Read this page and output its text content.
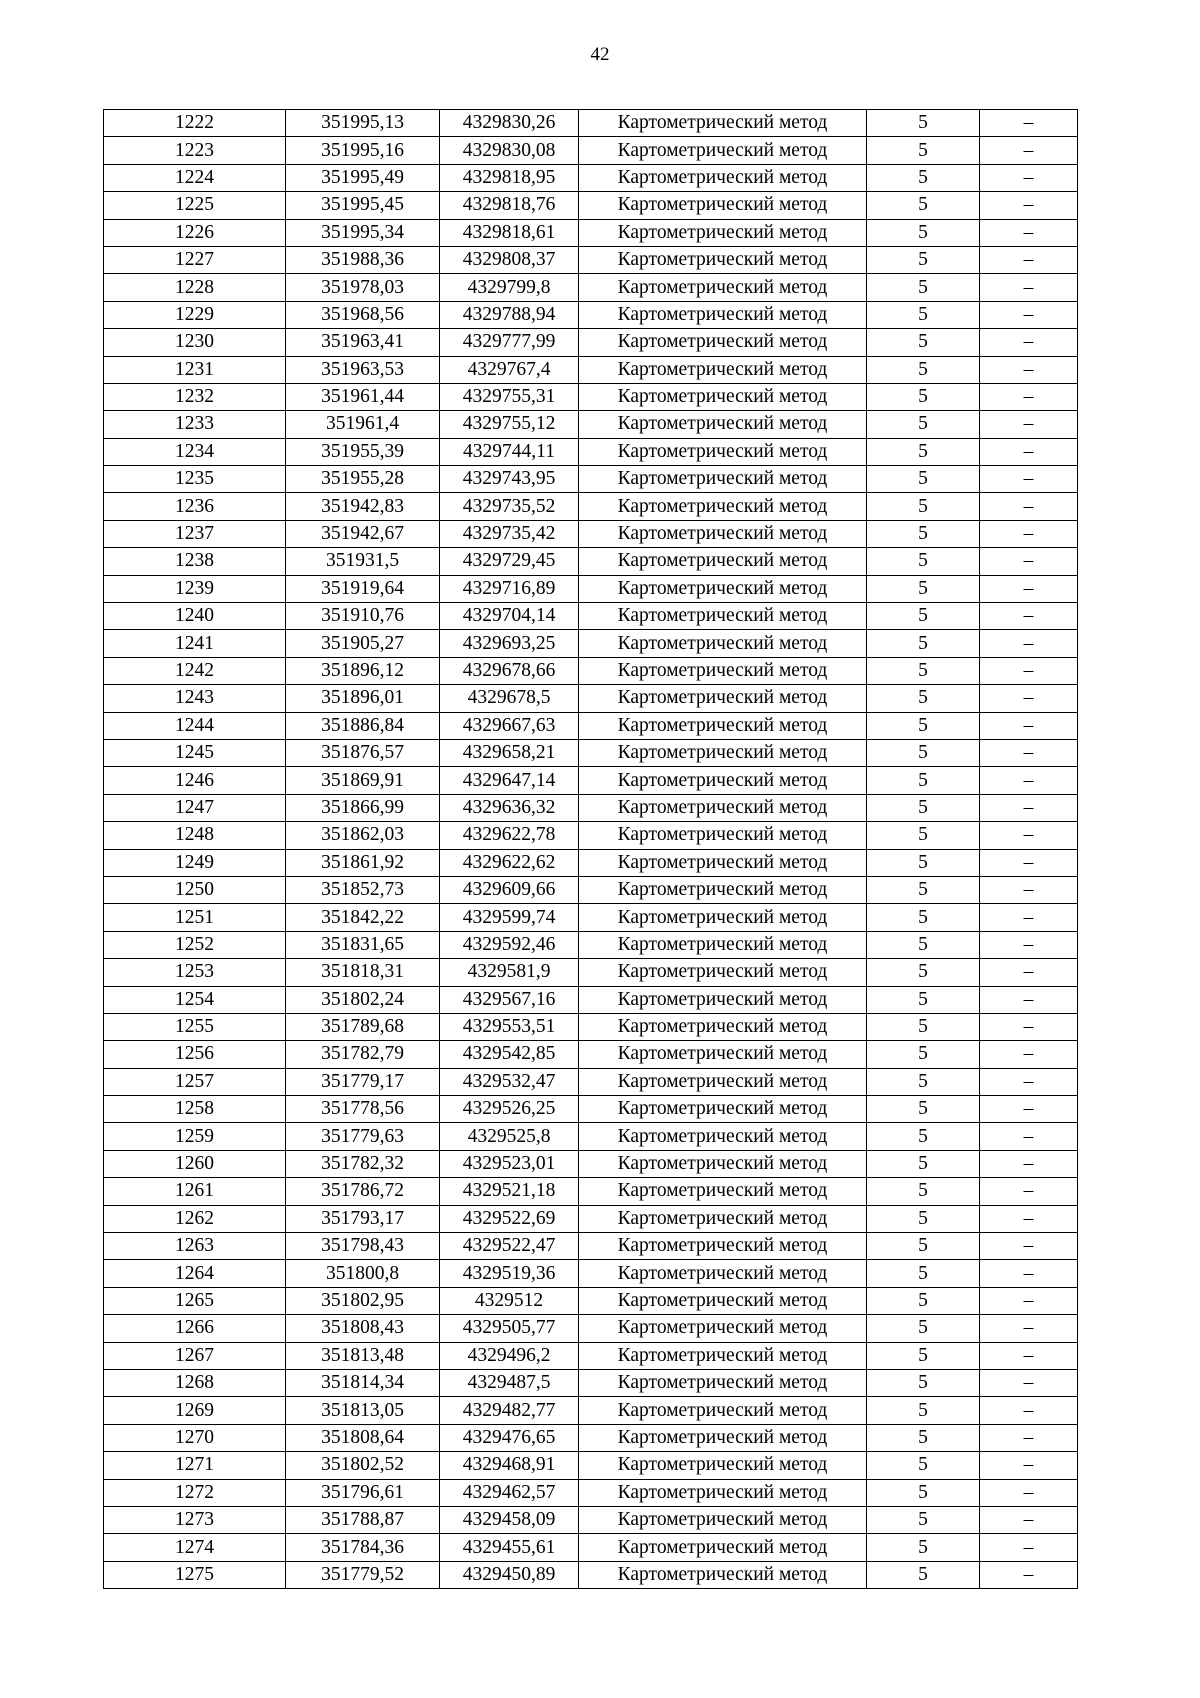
42
1222	351995,13	4329830,26	Картометрический метод	5	–
1223	351995,16	4329830,08	Картометрический метод	5	–
1224	351995,49	4329818,95	Картометрический метод	5	–
1225	351995,45	4329818,76	Картометрический метод	5	–
1226	351995,34	4329818,61	Картометрический метод	5	–
1227	351988,36	4329808,37	Картометрический метод	5	–
1228	351978,03	4329799,8	Картометрический метод	5	–
1229	351968,56	4329788,94	Картометрический метод	5	–
1230	351963,41	4329777,99	Картометрический метод	5	–
1231	351963,53	4329767,4	Картометрический метод	5	–
1232	351961,44	4329755,31	Картометрический метод	5	–
1233	351961,4	4329755,12	Картометрический метод	5	–
1234	351955,39	4329744,11	Картометрический метод	5	–
1235	351955,28	4329743,95	Картометрический метод	5	–
1236	351942,83	4329735,52	Картометрический метод	5	–
1237	351942,67	4329735,42	Картометрический метод	5	–
1238	351931,5	4329729,45	Картометрический метод	5	–
1239	351919,64	4329716,89	Картометрический метод	5	–
1240	351910,76	4329704,14	Картометрический метод	5	–
1241	351905,27	4329693,25	Картометрический метод	5	–
1242	351896,12	4329678,66	Картометрический метод	5	–
1243	351896,01	4329678,5	Картометрический метод	5	–
1244	351886,84	4329667,63	Картометрический метод	5	–
1245	351876,57	4329658,21	Картометрический метод	5	–
1246	351869,91	4329647,14	Картометрический метод	5	–
1247	351866,99	4329636,32	Картометрический метод	5	–
1248	351862,03	4329622,78	Картометрический метод	5	–
1249	351861,92	4329622,62	Картометрический метод	5	–
1250	351852,73	4329609,66	Картометрический метод	5	–
1251	351842,22	4329599,74	Картометрический метод	5	–
1252	351831,65	4329592,46	Картометрический метод	5	–
1253	351818,31	4329581,9	Картометрический метод	5	–
1254	351802,24	4329567,16	Картометрический метод	5	–
1255	351789,68	4329553,51	Картометрический метод	5	–
1256	351782,79	4329542,85	Картометрический метод	5	–
1257	351779,17	4329532,47	Картометрический метод	5	–
1258	351778,56	4329526,25	Картометрический метод	5	–
1259	351779,63	4329525,8	Картометрический метод	5	–
1260	351782,32	4329523,01	Картометрический метод	5	–
1261	351786,72	4329521,18	Картометрический метод	5	–
1262	351793,17	4329522,69	Картометрический метод	5	–
1263	351798,43	4329522,47	Картометрический метод	5	–
1264	351800,8	4329519,36	Картометрический метод	5	–
1265	351802,95	4329512	Картометрический метод	5	–
1266	351808,43	4329505,77	Картометрический метод	5	–
1267	351813,48	4329496,2	Картометрический метод	5	–
1268	351814,34	4329487,5	Картометрический метод	5	–
1269	351813,05	4329482,77	Картометрический метод	5	–
1270	351808,64	4329476,65	Картометрический метод	5	–
1271	351802,52	4329468,91	Картометрический метод	5	–
1272	351796,61	4329462,57	Картометрический метод	5	–
1273	351788,87	4329458,09	Картометрический метод	5	–
1274	351784,36	4329455,61	Картометрический метод	5	–
1275	351779,52	4329450,89	Картометрический метод	5	–
